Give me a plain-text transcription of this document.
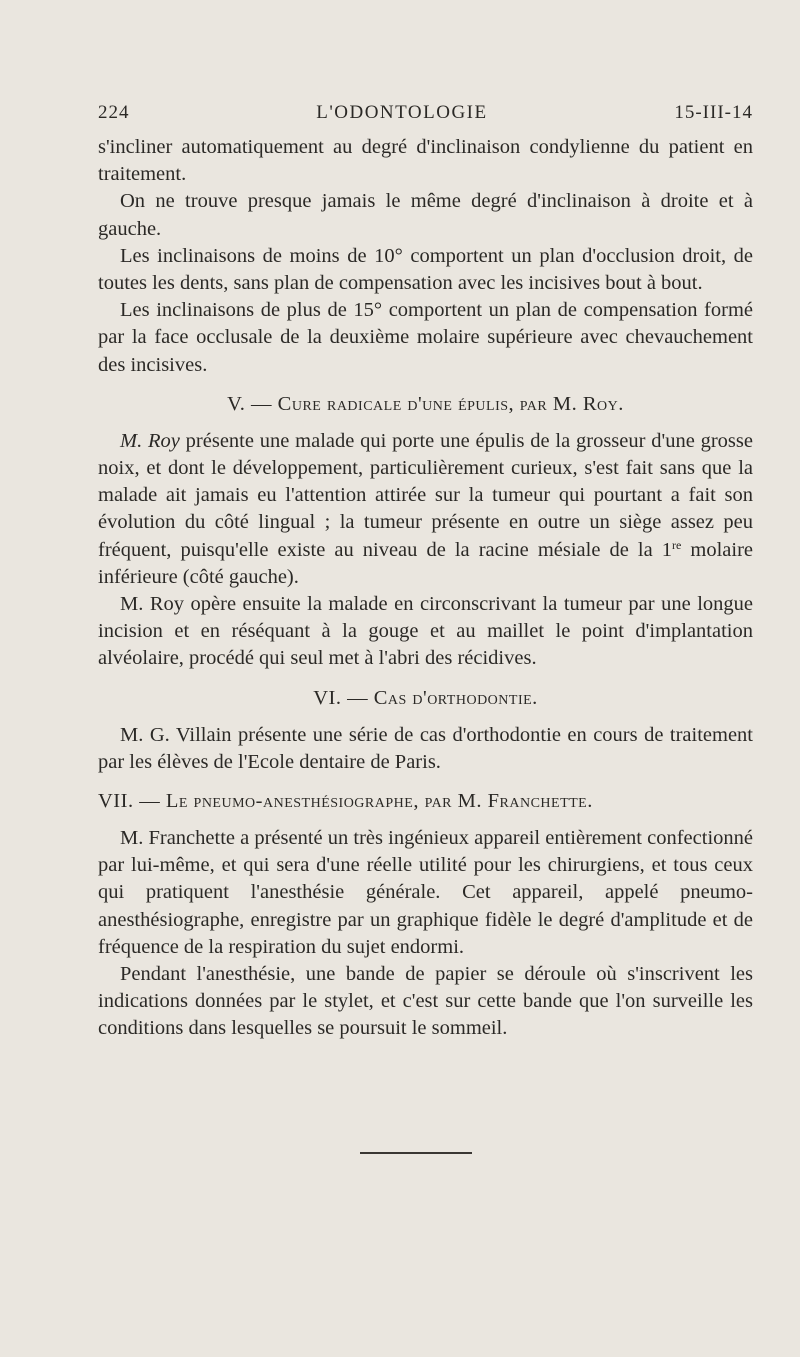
224	L'ODONTOLOGIE	15-III-14

s'incliner automatiquement au degré d'inclinaison condylienne du patient en traitement.

On ne trouve presque jamais le même degré d'inclinaison à droite et à gauche.

Les inclinaisons de moins de 10° comportent un plan d'occlusion droit, de toutes les dents, sans plan de compensation avec les incisives bout à bout.

Les inclinaisons de plus de 15° comportent un plan de compensation formé par la face occlusale de la deuxième molaire supérieure avec chevauchement des incisives.

V. — Cure radicale d'une épulis, par M. Roy.

M. Roy présente une malade qui porte une épulis de la grosseur d'une grosse noix, et dont le développement, particulièrement curieux, s'est fait sans que la malade ait jamais eu l'attention attirée sur la tumeur qui pourtant a fait son évolution du côté lingual ; la tumeur présente en outre un siège assez peu fréquent, puisqu'elle existe au niveau de la racine mésiale de la 1re molaire inférieure (côté gauche).

M. Roy opère ensuite la malade en circonscrivant la tumeur par une longue incision et en réséquant à la gouge et au maillet le point d'implantation alvéolaire, procédé qui seul met à l'abri des récidives.

VI. — Cas d'orthodontie.

M. G. Villain présente une série de cas d'orthodontie en cours de traitement par les élèves de l'Ecole dentaire de Paris.

VII. — Le pneumo-anesthésiographe, par M. Franchette.

M. Franchette a présenté un très ingénieux appareil entièrement confectionné par lui-même, et qui sera d'une réelle utilité pour les chirurgiens, et tous ceux qui pratiquent l'anesthésie générale. Cet appareil, appelé pneumo-anesthésiographe, enregistre par un graphique fidèle le degré d'amplitude et de fréquence de la respiration du sujet endormi.

Pendant l'anesthésie, une bande de papier se déroule où s'inscrivent les indications données par le stylet, et c'est sur cette bande que l'on surveille les conditions dans lesquelles se poursuit le sommeil.
